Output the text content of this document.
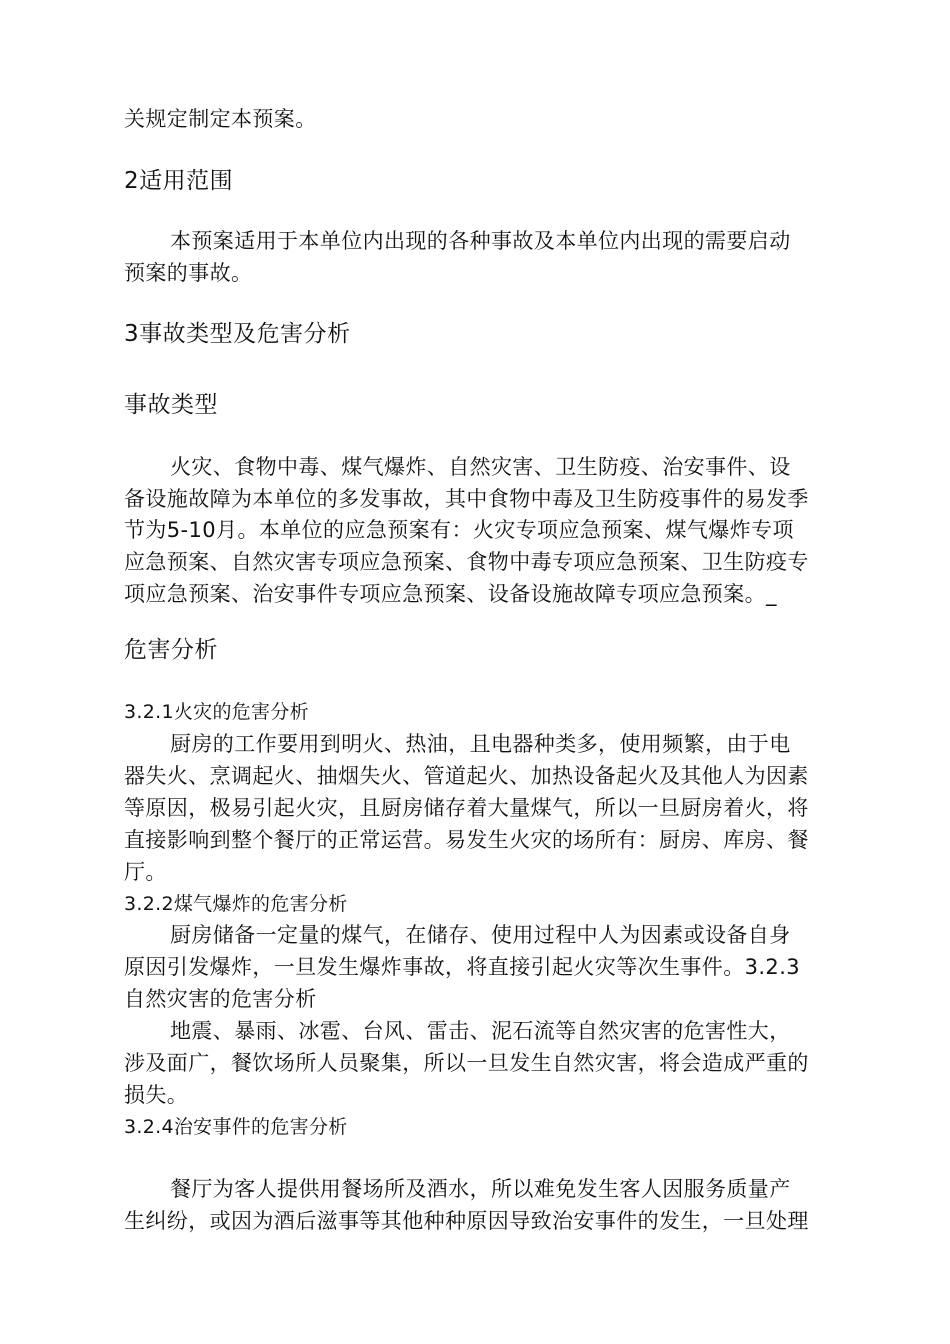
关规定制定本预案。
2适用范围
本预案适用于本单位内出现的各种事故及本单位内出现的需要启动
预案的事故。
3事故类型及危害分析
事故类型
火灾、食物中毒、煤气爆炸、自然灾害、卫生防疫、治安事件、设
备设施故障为本单位的多发事故，其中食物中毒及卫生防疫事件的易发季
节为5-10月。本单位的应急预案有：火灾专项应急预案、煤气爆炸专项
应急预案、自然灾害专项应急预案、食物中毒专项应急预案、卫生防疫专
项应急预案、治安事件专项应急预案、设备设施故障专项应急预案。_
危害分析
3.2.1火灾的危害分析
厨房的工作要用到明火、热油，且电器种类多，使用频繁，由于电
器失火、烹调起火、抽烟失火、管道起火、加热设备起火及其他人为因素
等原因，极易引起火灾，且厨房储存着大量煤气，所以一旦厨房着火，将
直接影响到整个餐厅的正常运营。易发生火灾的场所有：厨房、库房、餐
厅。
3.2.2煤气爆炸的危害分析
厨房储备一定量的煤气，在储存、使用过程中人为因素或设备自身
原因引发爆炸，一旦发生爆炸事故，将直接引起火灾等次生事件。3.2.3
自然灾害的危害分析
地震、暴雨、冰雹、台风、雷击、泥石流等自然灾害的危害性大，
涉及面广，餐饮场所人员聚集，所以一旦发生自然灾害，将会造成严重的
损失。
3.2.4治安事件的危害分析
餐厅为客人提供用餐场所及酒水，所以难免发生客人因服务质量产
生纠纷，或因为酒后滋事等其他种种原因导致治安事件的发生，一旦处理
